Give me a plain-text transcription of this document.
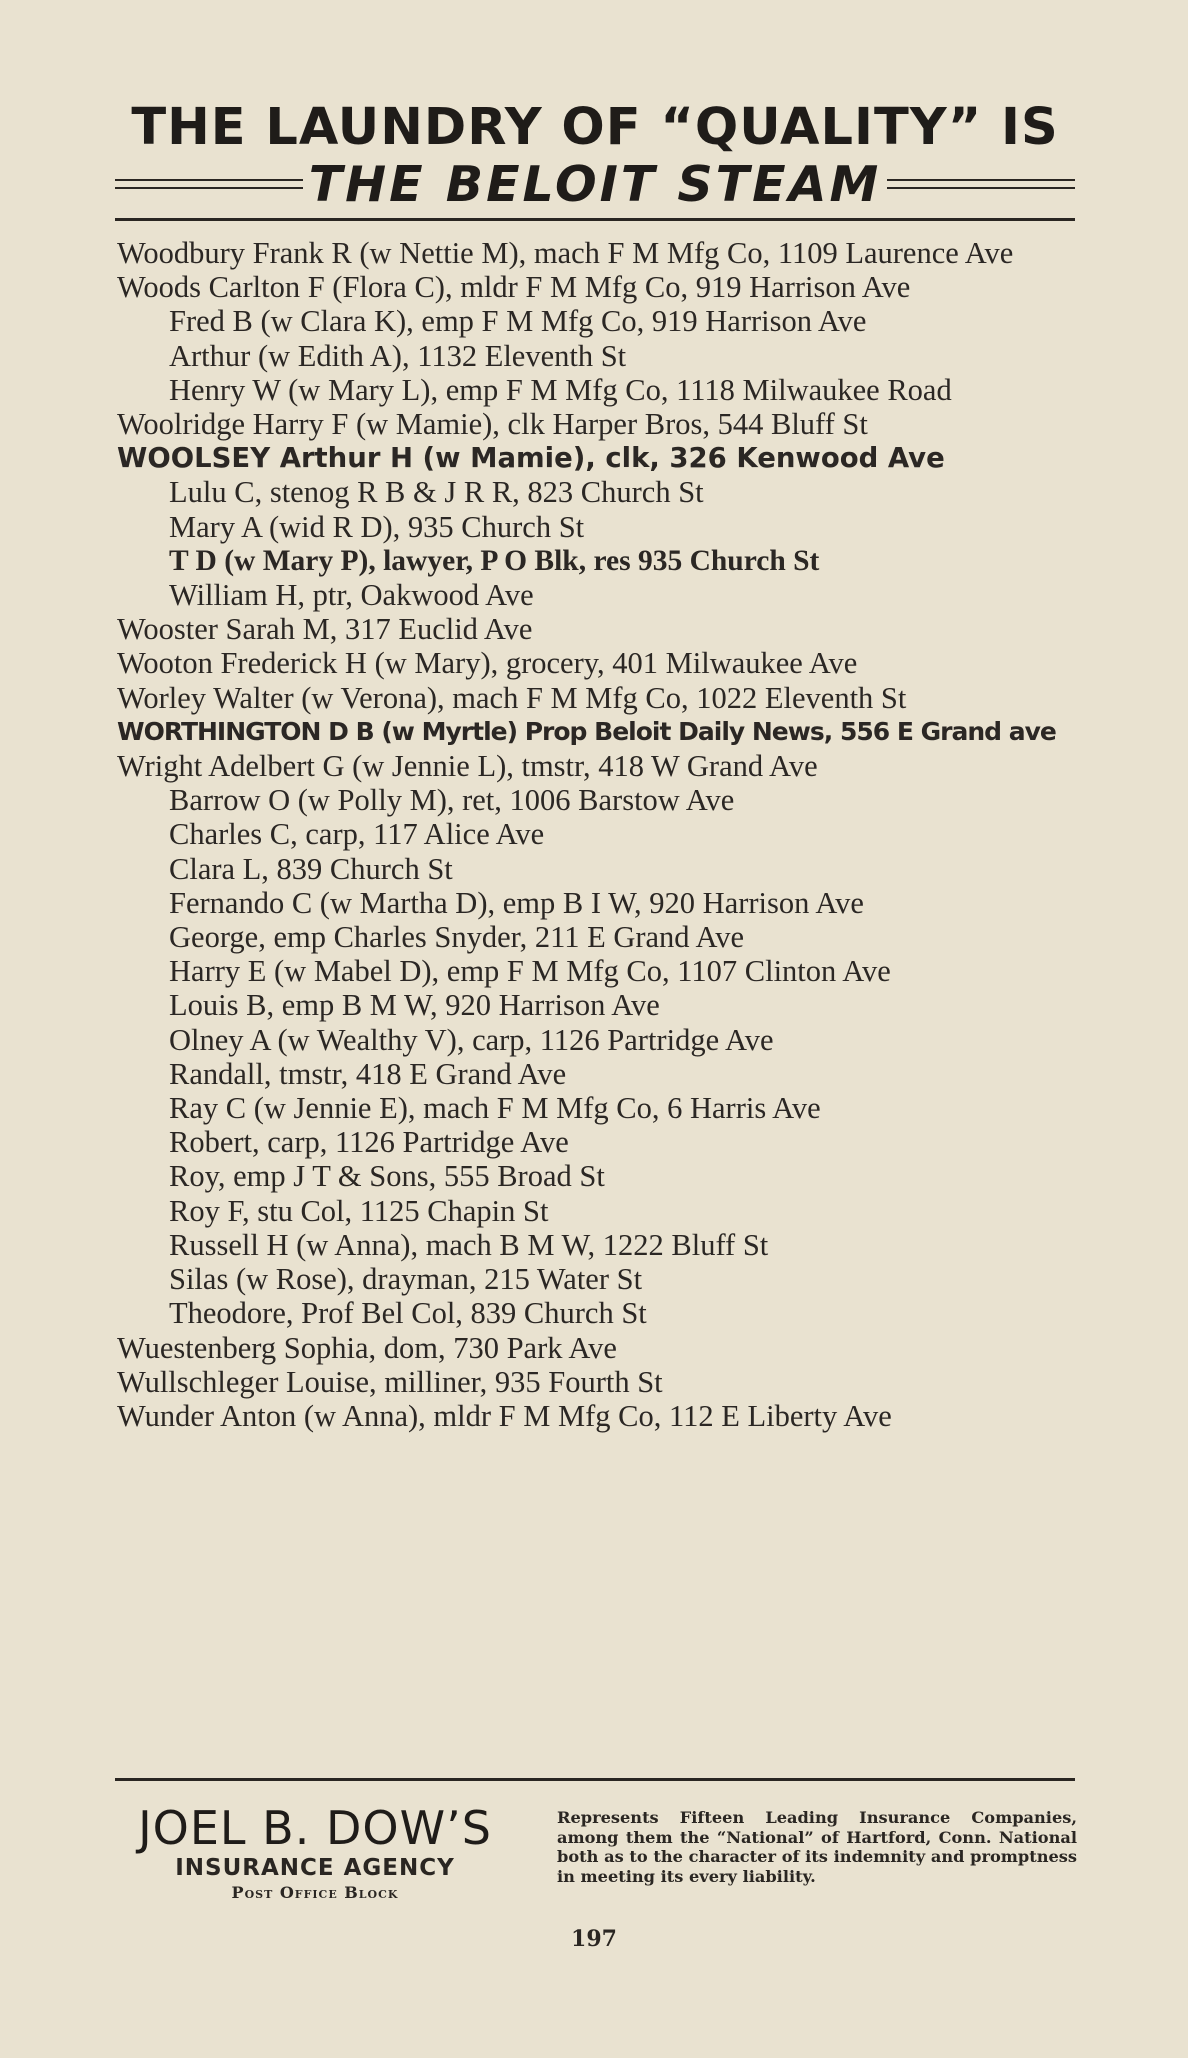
THE LAUNDRY OF “QUALITY” IS
THE BELOIT STEAM
Woodbury Frank R (w Nettie M), mach F M Mfg Co, 1109 Laurence Ave
Woods Carlton F (Flora C), mldr F M Mfg Co, 919 Harrison Ave
Fred B (w Clara K), emp F M Mfg Co, 919 Harrison Ave
Arthur (w Edith A), 1132 Eleventh St
Henry W (w Mary L), emp F M Mfg Co, 1118 Milwaukee Road
Woolridge Harry F (w Mamie), clk Harper Bros, 544 Bluff St
WOOLSEY Arthur H (w Mamie), clk, 326 Kenwood Ave
Lulu C, stenog R B & J R R, 823 Church St
Mary A (wid R D), 935 Church St
T D (w Mary P), lawyer, P O Blk, res 935 Church St
William H, ptr, Oakwood Ave
Wooster Sarah M, 317 Euclid Ave
Wooton Frederick H (w Mary), grocery, 401 Milwaukee Ave
Worley Walter (w Verona), mach F M Mfg Co, 1022 Eleventh St
WORTHINGTON D B (w Myrtle) Prop Beloit Daily News, 556 E Grand ave
Wright Adelbert G (w Jennie L), tmstr, 418 W Grand Ave
Barrow O (w Polly M), ret, 1006 Barstow Ave
Charles C, carp, 117 Alice Ave
Clara L, 839 Church St
Fernando C (w Martha D), emp B I W, 920 Harrison Ave
George, emp Charles Snyder, 211 E Grand Ave
Harry E (w Mabel D), emp F M Mfg Co, 1107 Clinton Ave
Louis B, emp B M W, 920 Harrison Ave
Olney A (w Wealthy V), carp, 1126 Partridge Ave
Randall, tmstr, 418 E Grand Ave
Ray C (w Jennie E), mach F M Mfg Co, 6 Harris Ave
Robert, carp, 1126 Partridge Ave
Roy, emp J T & Sons, 555 Broad St
Roy F, stu Col, 1125 Chapin St
Russell H (w Anna), mach B M W, 1222 Bluff St
Silas (w Rose), drayman, 215 Water St
Theodore, Prof Bel Col, 839 Church St
Wuestenberg Sophia, dom, 730 Park Ave
Wullschleger Louise, milliner, 935 Fourth St
Wunder Anton (w Anna), mldr F M Mfg Co, 112 E Liberty Ave
JOEL B. DOW’S
INSURANCE AGENCY
Post Office Block
Represents Fifteen Leading Insurance Companies, among them the “National” of Hartford, Conn. National both as to the character of its indemnity and promptness in meeting its every liability.
197
